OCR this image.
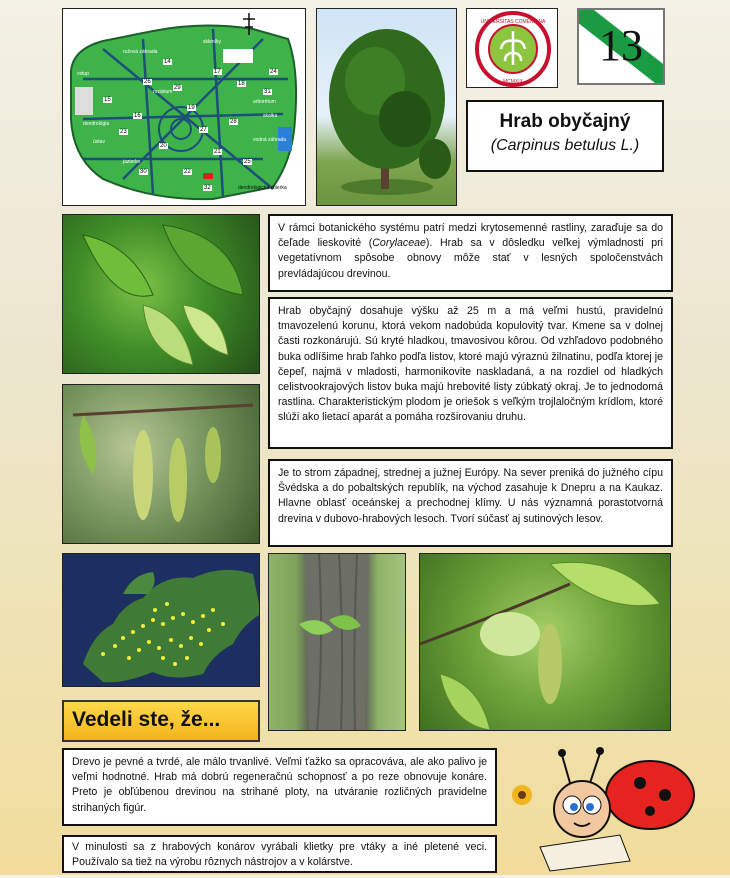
vstup
ružová záhrada
skleníky
dendrológia
rozárium
arborétum
ústav	vodná záhrada
skalka
jazierko
dendrologická zbierka
14
15
16
17
18
19
20
21
22
23
24
25
26
27
28
29
30
31
32
UNIVERSITAS COMENIANA
MCMXIX
13
Hrab obyčajný
(Carpinus betulus L.)

V rámci botanického systému patrí medzi krytosemenné rastliny, zaraďuje sa do čeľade lieskovité (Corylaceae). Hrab sa v dôsledku veľkej výmladnosti pri vegetatívnom spôsobe obnovy môže stať v lesných spoločenstvách prevládajúcou drevinou.

Hrab obyčajný dosahuje výšku až 25 m a má veľmi hustú, pravidelnú tmavozelenú korunu, ktorá vekom nadobúda kopulovitý tvar. Kmene sa v dolnej časti rozkonárujú. Sú kryté hladkou, tmavosivou kôrou. Od vzhľadovo podobného buka odlíšime hrab ľahko podľa listov, ktoré majú výraznú žilnatinu, podľa ktorej je čepeľ, najmä v mladosti, harmonikovite naskladaná, a na rozdiel od hladkých celistvookrajových listov buka majú hrebovité listy zúbkatý okraj. Je to jednodomá rastlina. Charakteristickým plodom je oriešok s veľkým trojlaločným krídlom, ktoré slúži ako lietací aparát a pomáha rozširovaniu druhu.

Je to strom západnej, strednej a južnej Európy. Na sever preniká do južného cípu Švédska a do pobaltských republík, na východ zasahuje k Dnepru a na Kaukaz. Hlavne oblasť oceánskej a prechodnej klímy. U nás významná porastotvorná drevina v dubovo-hrabových lesoch. Tvorí súčasť aj sutinových lesov.

Vedeli ste, že...

Drevo je pevné a tvrdé, ale málo trvanlivé. Veľmi ťažko sa opracováva, ale ako palivo je veľmi hodnotné. Hrab má dobrú regeneračnú schopnosť a po reze obnovuje konáre. Preto je obľúbenou drevinou na strihané ploty, na utváranie rozličných pravidelne strihaných figúr.

V minulosti sa z hrabových konárov vyrábali klietky pre vtáky a iné pletené veci. Používalo sa tiež na výrobu rôznych nástrojov a v kolárstve.
